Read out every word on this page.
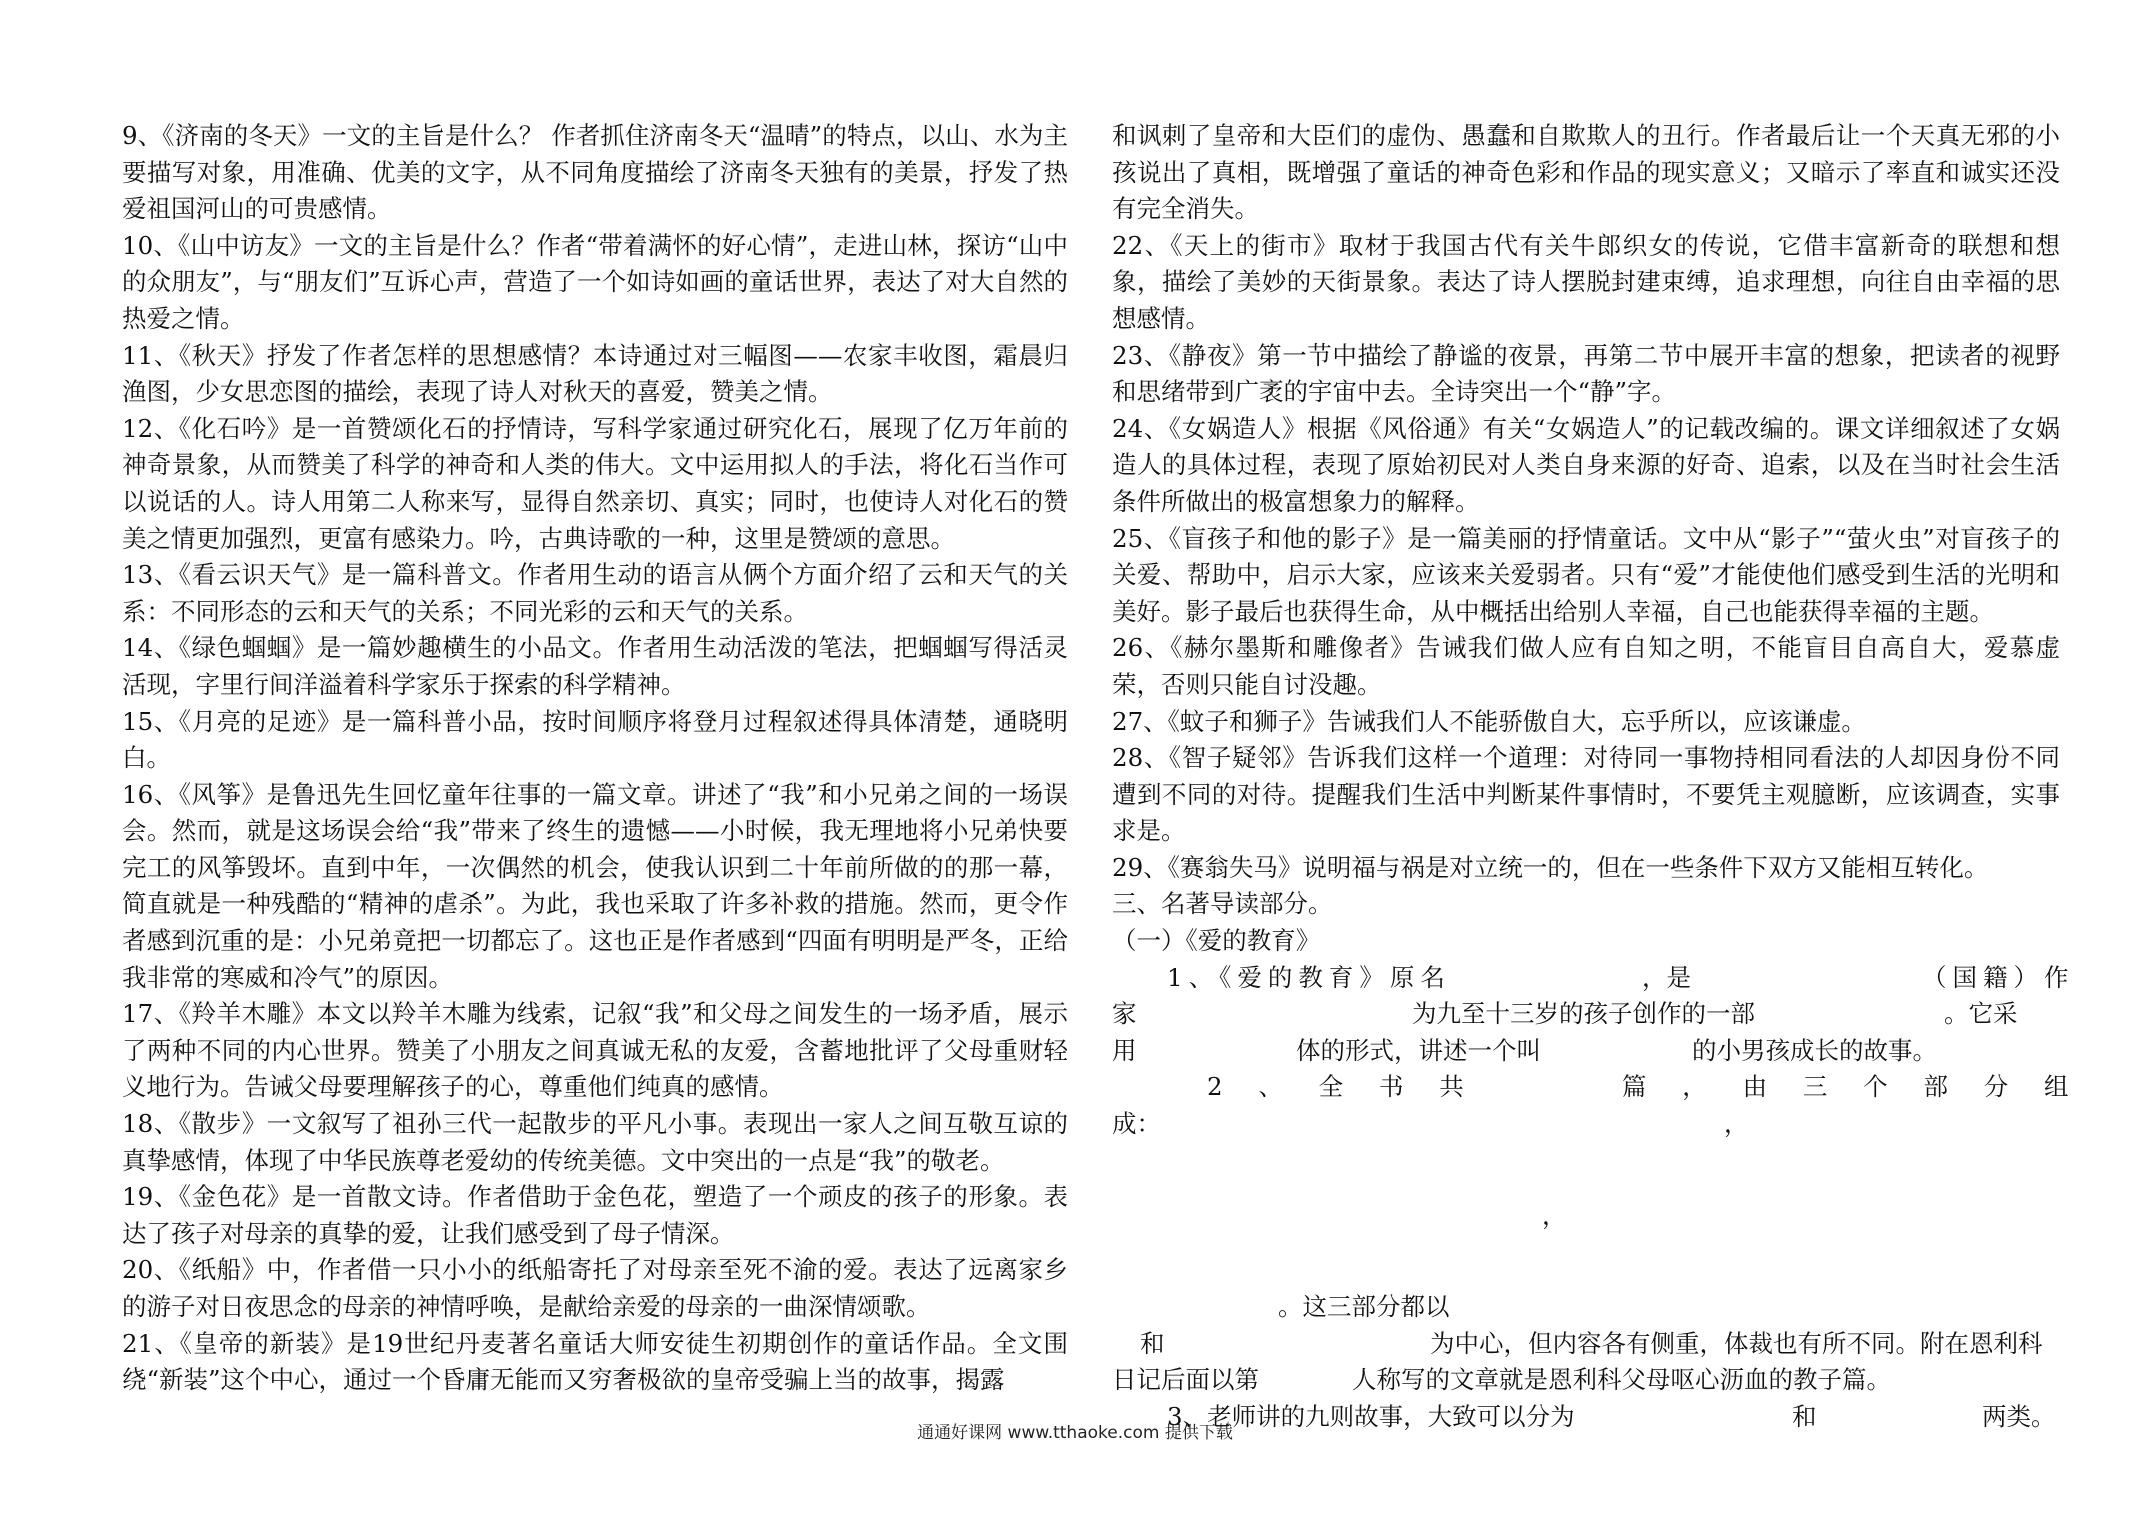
9、《济南的冬天》一文的主旨是什么？ 作者抓住济南冬天“温晴”的特点，以山、水为主要描写对象，用准确、优美的文字，从不同角度描绘了济南冬天独有的美景，抒发了热爱祖国河山的可贵感情。

10、《山中访友》一文的主旨是什么？作者“带着满怀的好心情”，走进山林，探访“山中的众朋友”，与“朋友们”互诉心声，营造了一个如诗如画的童话世界，表达了对大自然的热爱之情。

11、《秋天》抒发了作者怎样的思想感情？本诗通过对三幅图——农家丰收图，霜晨归渔图，少女思恋图的描绘，表现了诗人对秋天的喜爱，赞美之情。

12、《化石吟》是一首赞颂化石的抒情诗，写科学家通过研究化石，展现了亿万年前的神奇景象，从而赞美了科学的神奇和人类的伟大。文中运用拟人的手法，将化石当作可以说话的人。诗人用第二人称来写，显得自然亲切、真实；同时，也使诗人对化石的赞美之情更加强烈，更富有感染力。吟，古典诗歌的一种，这里是赞颂的意思。

13、《看云识天气》是一篇科普文。作者用生动的语言从俩个方面介绍了云和天气的关系：不同形态的云和天气的关系；不同光彩的云和天气的关系。

14、《绿色蝈蝈》是一篇妙趣横生的小品文。作者用生动活泼的笔法，把蝈蝈写得活灵活现，字里行间洋溢着科学家乐于探索的科学精神。

15、《月亮的足迹》是一篇科普小品，按时间顺序将登月过程叙述得具体清楚，通晓明白。

16、《风筝》是鲁迅先生回忆童年往事的一篇文章。讲述了“我”和小兄弟之间的一场误会。然而，就是这场误会给“我”带来了终生的遗憾——小时候，我无理地将小兄弟快要完工的风筝毁坏。直到中年，一次偶然的机会，使我认识到二十年前所做的的那一幕，简直就是一种残酷的“精神的虐杀”。为此，我也采取了许多补救的措施。然而，更令作者感到沉重的是：小兄弟竟把一切都忘了。这也正是作者感到“四面有明明是严冬，正给我非常的寒威和冷气”的原因。

17、《羚羊木雕》本文以羚羊木雕为线索，记叙“我”和父母之间发生的一场矛盾，展示了两种不同的内心世界。赞美了小朋友之间真诚无私的友爱，含蓄地批评了父母重财轻义地行为。告诫父母要理解孩子的心，尊重他们纯真的感情。

18、《散步》一文叙写了祖孙三代一起散步的平凡小事。表现出一家人之间互敬互谅的真挚感情，体现了中华民族尊老爱幼的传统美德。文中突出的一点是“我”的敬老。

19、《金色花》是一首散文诗。作者借助于金色花，塑造了一个顽皮的孩子的形象。表达了孩子对母亲的真挚的爱，让我们感受到了母子情深。

20、《纸船》中，作者借一只小小的纸船寄托了对母亲至死不渝的爱。表达了远离家乡的游子对日夜思念的母亲的神情呼唤，是献给亲爱的母亲的一曲深情颂歌。

21、《皇帝的新装》是19世纪丹麦著名童话大师安徒生初期创作的童话作品。全文围绕“新装”这个中心，通过一个昏庸无能而又穷奢极欲的皇帝受骗上当的故事，揭露

和讽刺了皇帝和大臣们的虚伪、愚蠢和自欺欺人的丑行。作者最后让一个天真无邪的小孩说出了真相，既增强了童话的神奇色彩和作品的现实意义；又暗示了率直和诚实还没有完全消失。

22、《天上的街市》取材于我国古代有关牛郎织女的传说，它借丰富新奇的联想和想象，描绘了美妙的天街景象。表达了诗人摆脱封建束缚，追求理想，向往自由幸福的思想感情。

23、《静夜》第一节中描绘了静谧的夜景，再第二节中展开丰富的想象，把读者的视野和思绪带到广袤的宇宙中去。全诗突出一个“静”字。

24、《女娲造人》根据《风俗通》有关“女娲造人”的记载改编的。课文详细叙述了女娲造人的具体过程，表现了原始初民对人类自身来源的好奇、追索，以及在当时社会生活条件所做出的极富想象力的解释。

25、《盲孩子和他的影子》是一篇美丽的抒情童话。文中从“影子”“萤火虫”对盲孩子的关爱、帮助中，启示大家，应该来关爱弱者。只有“爱”才能使他们感受到生活的光明和美好。影子最后也获得生命，从中概括出给别人幸福，自己也能获得幸福的主题。

26、《赫尔墨斯和雕像者》告诫我们做人应有自知之明，不能盲目自高自大，爱慕虚荣，否则只能自讨没趣。

27、《蚊子和狮子》告诫我们人不能骄傲自大，忘乎所以，应该谦虚。

28、《智子疑邻》告诉我们这样一个道理：对待同一事物持相同看法的人却因身份不同遭到不同的对待。提醒我们生活中判断某件事情时，不要凭主观臆断，应该调查，实事求是。

29、《赛翁失马》说明福与祸是对立统一的，但在一些条件下双方又能相互转化。

三、名著导读部分。
（一）《爱的教育》
1、《爱的教育》原名	，是	（国籍）作
家	为九至十三岁的孩子创作的一部	。它采
用	体的形式，讲述一个叫	的小男孩成长的故事。
2 、 全 书 共	篇 ， 由 三 个 部 分 组
成：	，
，
。这三部分都以
和	为中心，但内容各有侧重，体裁也有所不同。附在恩利科
日记后面以第	人称写的文章就是恩利科父母呕心沥血的教子篇。
3、老师讲的九则故事，大致可以分为	和	两类。
通通好课网 www.tthaoke.com 提供下载
